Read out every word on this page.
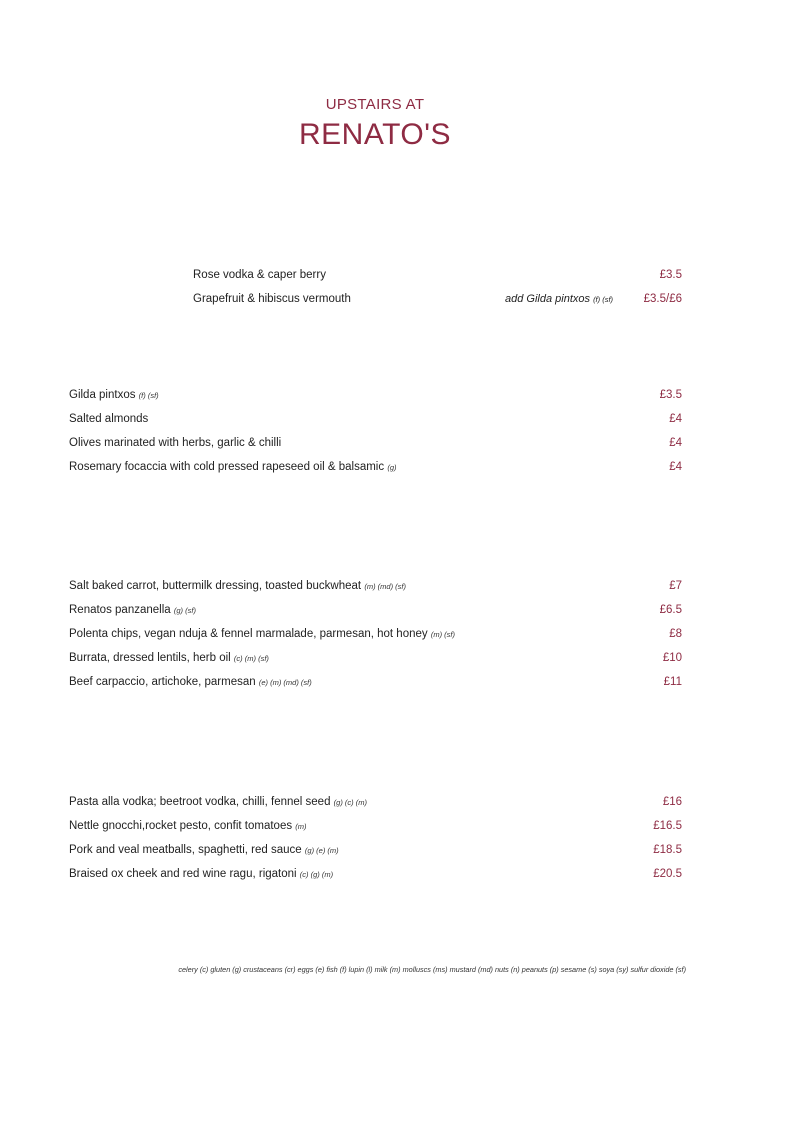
UPSTAIRS AT
RENATO'S
Rose vodka & caper berry	£3.5
Grapefruit & hibiscus vermouth	add Gilda pintxos (f) (sf)	£3.5/£6
Gilda pintxos (f) (sf)	£3.5
Salted almonds	£4
Olives marinated with herbs, garlic & chilli	£4
Rosemary focaccia with cold pressed rapeseed oil & balsamic (g)	£4
Salt baked carrot, buttermilk dressing, toasted buckwheat (m) (md) (sf)	£7
Renatos panzanella (g) (sf)	£6.5
Polenta chips, vegan nduja & fennel marmalade, parmesan, hot honey (m) (sf)	£8
Burrata, dressed lentils, herb oil (c) (m) (sf)	£10
Beef carpaccio, artichoke, parmesan (e) (m) (md) (sf)	£11
Pasta alla vodka; beetroot vodka, chilli, fennel seed (g) (c) (m)	£16
Nettle gnocchi,rocket pesto, confit tomatoes (m)	£16.5
Pork and veal meatballs, spaghetti, red sauce (g) (e) (m)	£18.5
Braised ox cheek and red wine ragu, rigatoni (c) (g) (m)	£20.5
celery (c) gluten (g) crustaceans (cr) eggs (e) fish (f) lupin (l) milk (m) molluscs (ms) mustard (md) nuts (n) peanuts (p) sesame (s) soya (sy) sulfur dioxide (sf)
